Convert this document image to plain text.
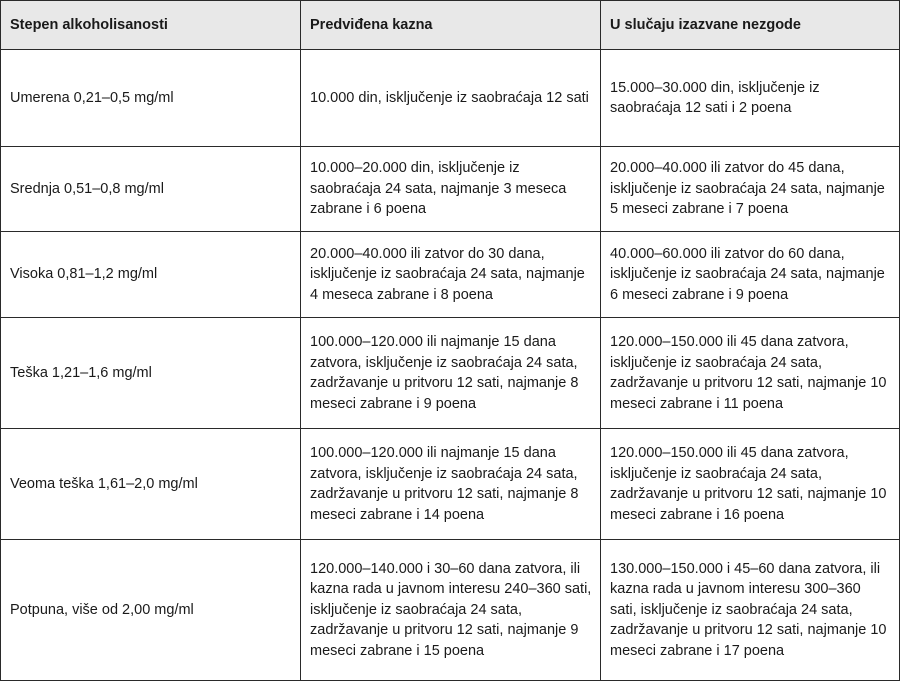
Stepen alkoholisanosti	Predviđena kazna	U slučaju izazvane nezgode
Umerena 0,21–0,5 mg/ml	10.000 din, isključenje iz saobraćaja 12 sati	15.000–30.000 din, isključenje iz saobraćaja 12 sati i 2 poena
Srednja 0,51–0,8 mg/ml	10.000–20.000 din, isključenje iz saobraćaja 24 sata, najmanje 3 meseca zabrane i 6 poena	20.000–40.000 ili zatvor do 45 dana, isključenje iz saobraćaja 24 sata, najmanje 5 meseci zabrane i 7 poena
Visoka 0,81–1,2 mg/ml	20.000–40.000 ili zatvor do 30 dana, isključenje iz saobraćaja 24 sata, najmanje 4 meseca zabrane i 8 poena	40.000–60.000 ili zatvor do 60 dana, isključenje iz saobraćaja 24 sata, najmanje 6 meseci zabrane i 9 poena
Teška 1,21–1,6 mg/ml	100.000–120.000 ili najmanje 15 dana zatvora, isključenje iz saobraćaja 24 sata, zadržavanje u pritvoru 12 sati, najmanje 8 meseci zabrane i 9 poena	120.000–150.000 ili 45 dana zatvora, isključenje iz saobraćaja 24 sata, zadržavanje u pritvoru 12 sati, najmanje 10 meseci zabrane i 11 poena
Veoma teška 1,61–2,0 mg/ml	100.000–120.000 ili najmanje 15 dana zatvora, isključenje iz saobraćaja 24 sata, zadržavanje u pritvoru 12 sati, najmanje 8 meseci zabrane i 14 poena	120.000–150.000 ili 45 dana zatvora, isključenje iz saobraćaja 24 sata, zadržavanje u pritvoru 12 sati, najmanje 10 meseci zabrane i 16 poena
Potpuna, više od 2,00 mg/ml	120.000–140.000 i 30–60 dana zatvora, ili kazna rada u javnom interesu 240–360 sati, isključenje iz saobraćaja 24 sata, zadržavanje u pritvoru 12 sati, najmanje 9 meseci zabrane i 15 poena	130.000–150.000 i 45–60 dana zatvora, ili kazna rada u javnom interesu 300–360 sati, isključenje iz saobraćaja 24 sata, zadržavanje u pritvoru 12 sati, najmanje 10 meseci zabrane i 17 poena
